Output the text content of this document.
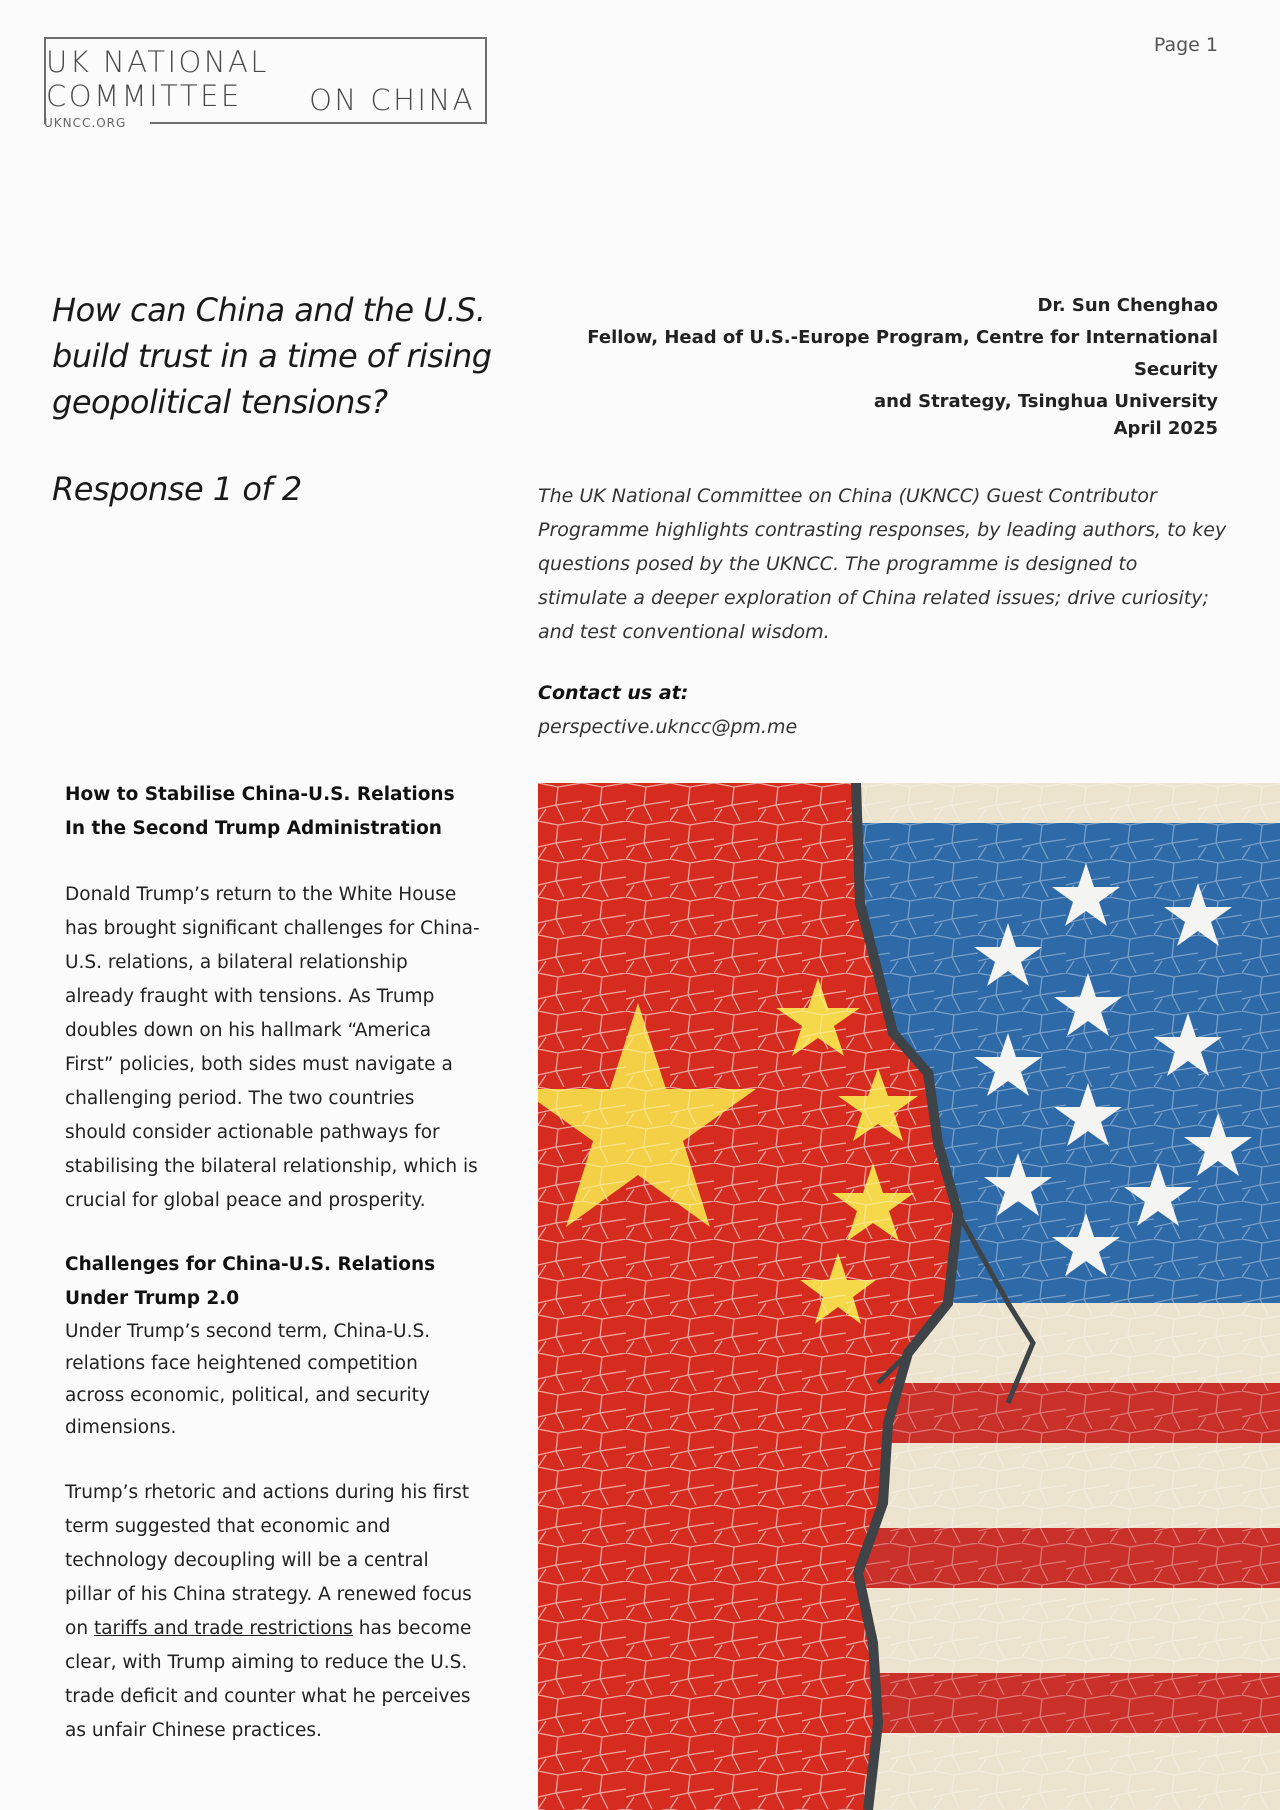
UK NATIONAL COMMITTEE	ON CHINA
UKNCC.ORG
Page 1
How can China and the U.S. build trust in a time of rising geopolitical tensions?
Response 1 of 2
Dr. Sun Chenghao
Fellow, Head of U.S.-Europe Program, Centre for International Security
and Strategy, Tsinghua University
April 2025
The UK National Committee on China (UKNCC) Guest Contributor Programme highlights contrasting responses, by leading authors, to key questions posed by the UKNCC. The programme is designed to stimulate a deeper exploration of China related issues; drive curiosity; and test conventional wisdom.
Contact us at:
perspective.ukncc@pm.me
How to Stabilise China-U.S. Relations In the Second Trump Administration

Donald Trump’s return to the White House has brought significant challenges for China-U.S. relations, a bilateral relationship already fraught with tensions. As Trump doubles down on his hallmark “America First” policies, both sides must navigate a challenging period. The two countries should consider actionable pathways for stabilising the bilateral relationship, which is crucial for global peace and prosperity.

Challenges for China-U.S. Relations Under Trump 2.0

Under Trump’s second term, China-U.S. relations face heightened competition across economic, political, and security dimensions.

Trump’s rhetoric and actions during his first term suggested that economic and technology decoupling will be a central pillar of his China strategy. A renewed focus on tariffs and trade restrictions has become clear, with Trump aiming to reduce the U.S. trade deficit and counter what he perceives as unfair Chinese practices.
